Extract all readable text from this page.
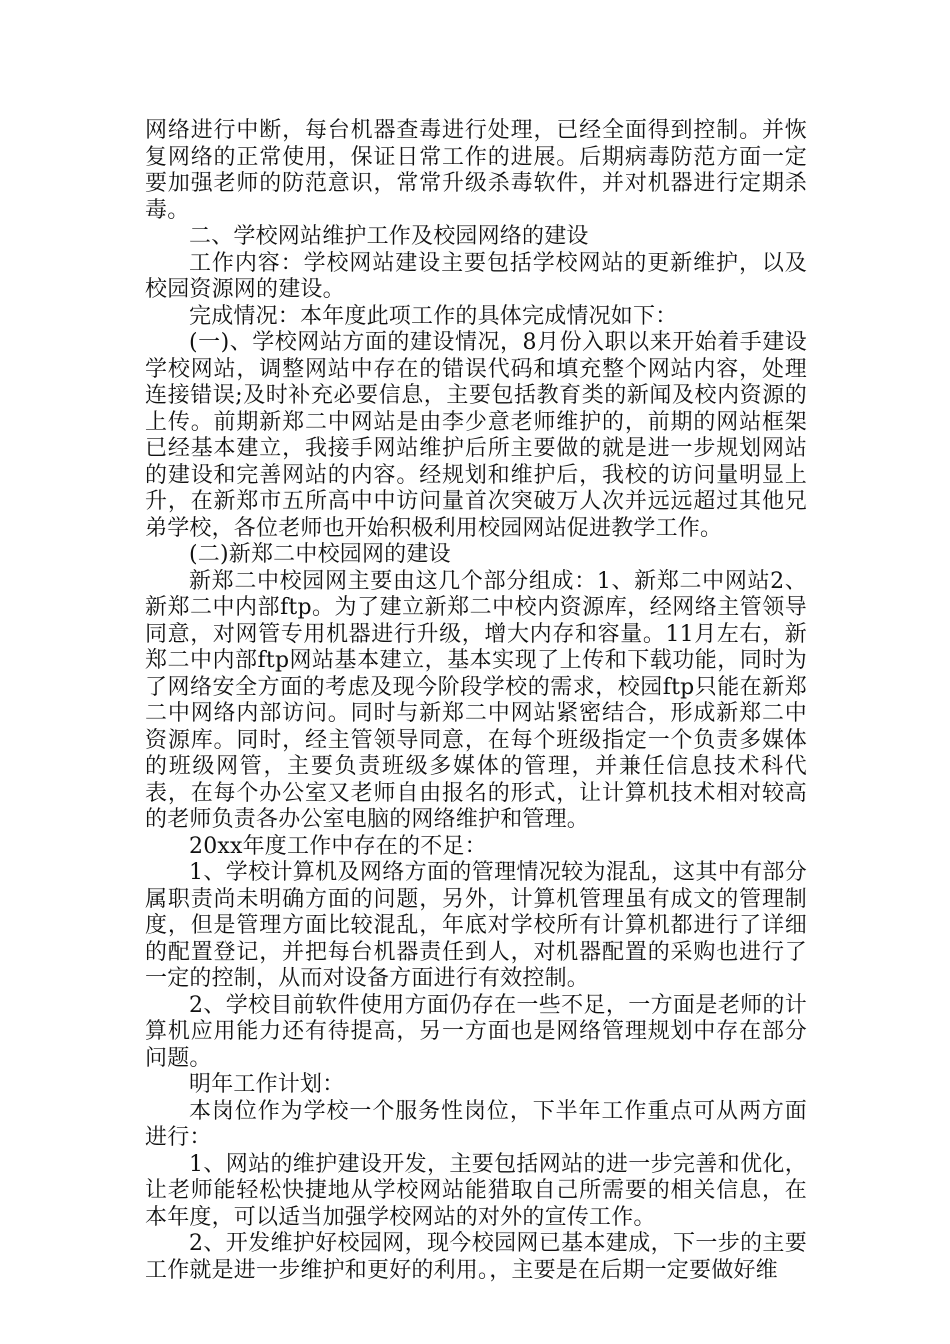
网络进行中断，每台机器查毒进行处理，已经全面得到控制。并恢复网络的正常使用，保证日常工作的进展。后期病毒防范方面一定要加强老师的防范意识，常常升级杀毒软件，并对机器进行定期杀毒。

二、学校网站维护工作及校园网络的建设

工作内容：学校网站建设主要包括学校网站的更新维护，以及校园资源网的建设。

完成情况：本年度此项工作的具体完成情况如下：

(一)、学校网站方面的建设情况，8月份入职以来开始着手建设学校网站，调整网站中存在的错误代码和填充整个网站内容，处理连接错误;及时补充必要信息，主要包括教育类的新闻及校内资源的上传。前期新郑二中网站是由李少意老师维护的，前期的网站框架已经基本建立，我接手网站维护后所主要做的就是进一步规划网站的建设和完善网站的内容。经规划和维护后，我校的访问量明显上升，在新郑市五所高中中访问量首次突破万人次并远远超过其他兄弟学校，各位老师也开始积极利用校园网站促进教学工作。

(二)新郑二中校园网的建设

新郑二中校园网主要由这几个部分组成：1、新郑二中网站2、新郑二中内部ftp。为了建立新郑二中校内资源库，经网络主管领导同意，对网管专用机器进行升级，增大内存和容量。11月左右，新郑二中内部ftp网站基本建立，基本实现了上传和下载功能，同时为了网络安全方面的考虑及现今阶段学校的需求，校园ftp只能在新郑二中网络内部访问。同时与新郑二中网站紧密结合，形成新郑二中资源库。同时，经主管领导同意，在每个班级指定一个负责多媒体的班级网管，主要负责班级多媒体的管理，并兼任信息技术科代表，在每个办公室又老师自由报名的形式，让计算机技术相对较高的老师负责各办公室电脑的网络维护和管理。

20xx年度工作中存在的不足：

1、学校计算机及网络方面的管理情况较为混乱，这其中有部分属职责尚未明确方面的问题，另外，计算机管理虽有成文的管理制度，但是管理方面比较混乱，年底对学校所有计算机都进行了详细的配置登记，并把每台机器责任到人，对机器配置的采购也进行了一定的控制，从而对设备方面进行有效控制。

2、学校目前软件使用方面仍存在一些不足，一方面是老师的计算机应用能力还有待提高，另一方面也是网络管理规划中存在部分问题。

明年工作计划：

本岗位作为学校一个服务性岗位，下半年工作重点可从两方面进行：

1、网站的维护建设开发，主要包括网站的进一步完善和优化，让老师能轻松快捷地从学校网站能猎取自己所需要的相关信息，在本年度，可以适当加强学校网站的对外的宣传工作。

2、开发维护好校园网，现今校园网已基本建成，下一步的主要工作就是进一步维护和更好的利用。，主要是在后期一定要做好维
